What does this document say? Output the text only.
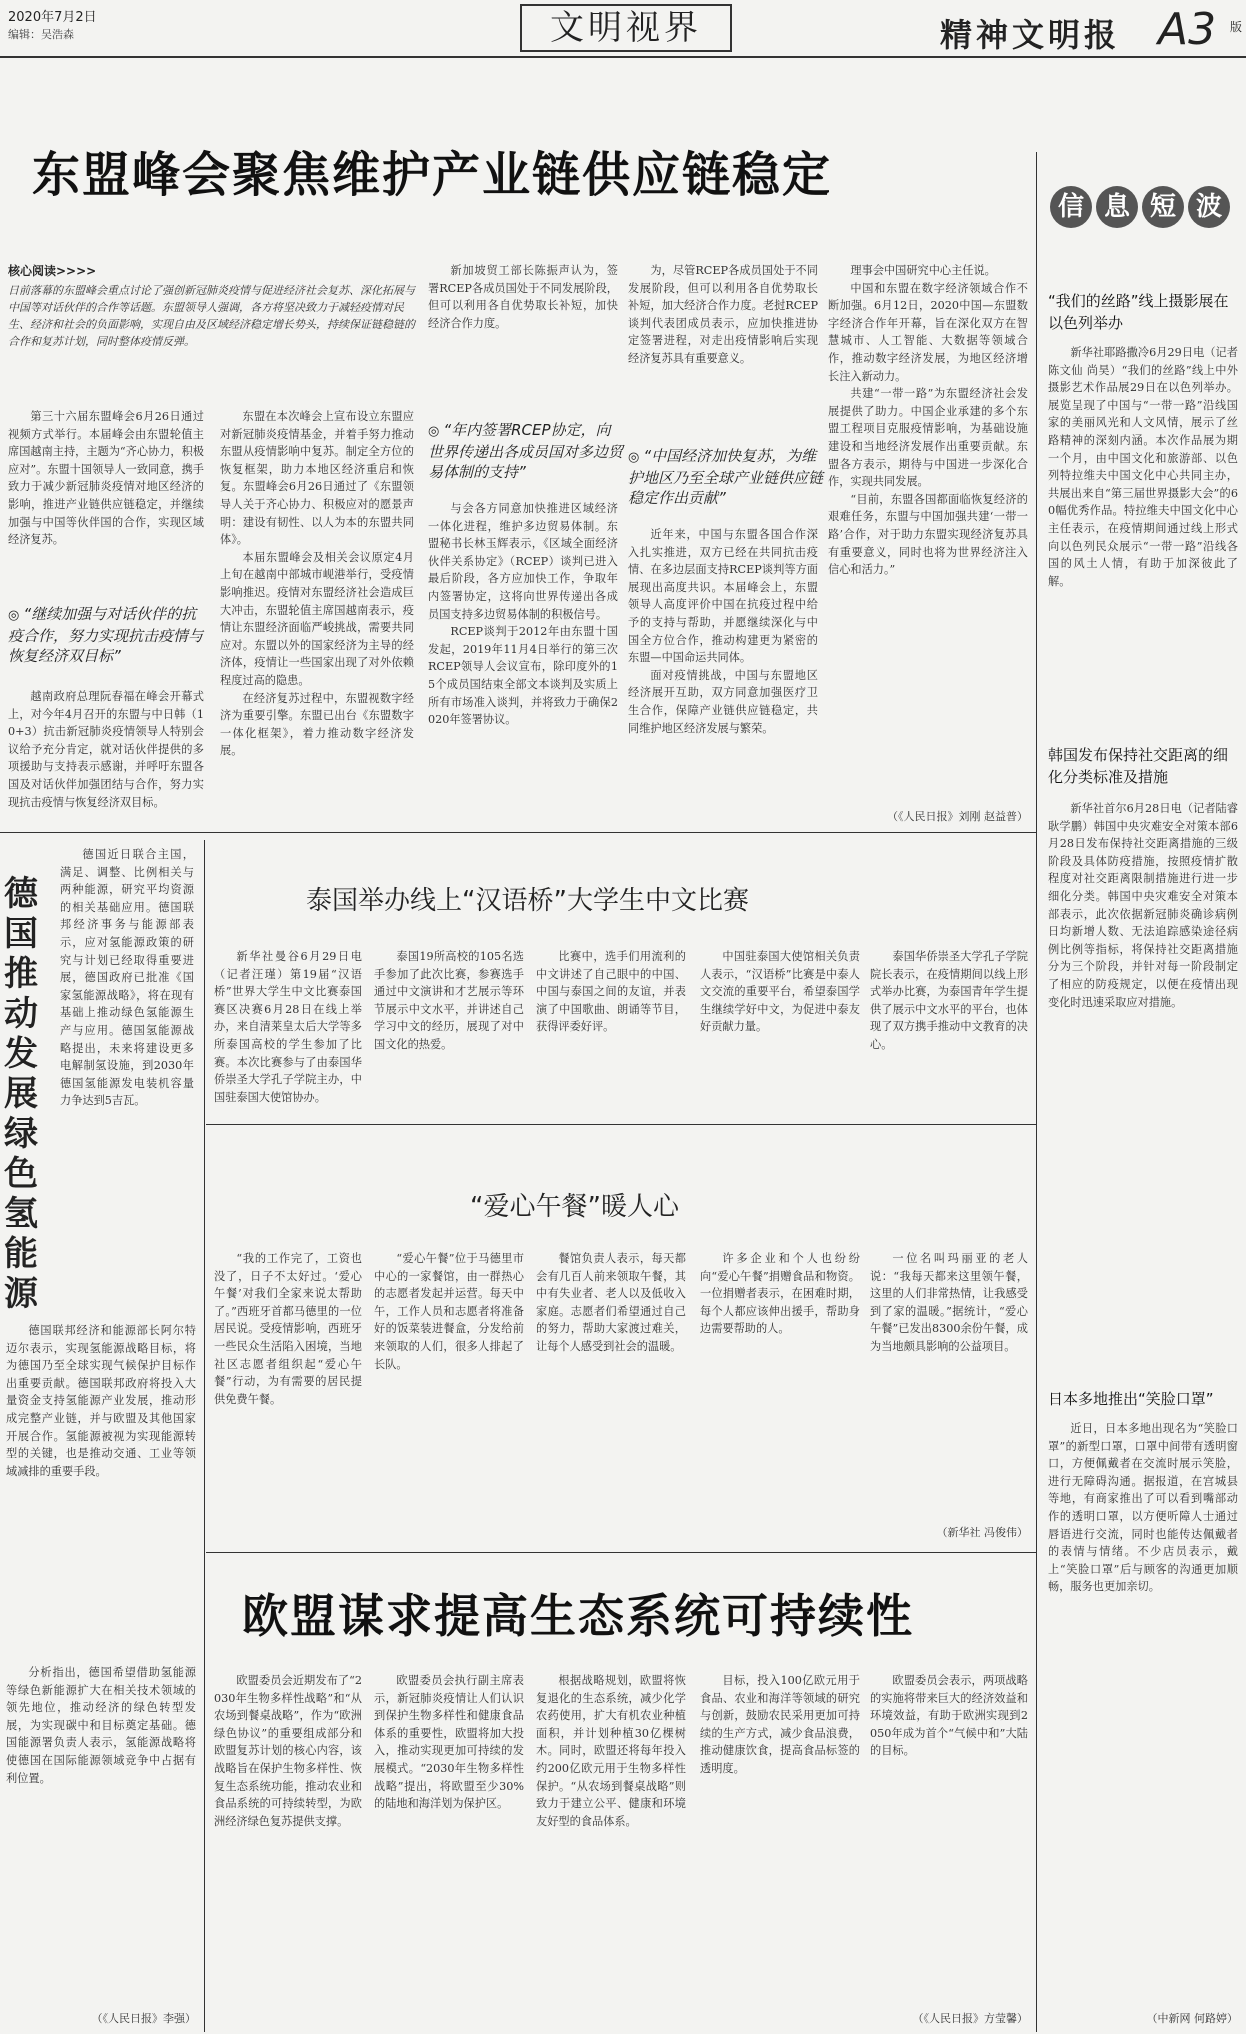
2020年7月2日
编辑：吴浩森	文明视界	精神文明报 A3 版
东盟峰会聚焦维护产业链供应链稳定
核心阅读>>>>
日前落幕的东盟峰会重点讨论了强创新冠肺炎疫情与促进经济社会复苏、深化拓展与中国等对话伙伴的合作等话题。东盟领导人强调，各方将坚决致力于减轻疫情对民生、经济和社会的负面影响，实现自由及区域经济稳定增长势头，持续保证链稳链的合作和复苏计划，同时整体疫情反弹。

第三十六届东盟峰会6月26日通过视频方式举行。本届峰会由东盟轮值主席国越南主持，主题为“齐心协力，积极应对”。东盟十国领导人一致同意，携手致力于减少新冠肺炎疫情对地区经济的影响，推进产业链供应链稳定，并继续加强与中国等伙伴国的合作，实现区域经济复苏。

◎ “继续加强与对话伙伴的抗疫合作，努力实现抗击疫情与恢复经济双目标”

越南政府总理阮春福在峰会开幕式上，对今年4月召开的东盟与中日韩（10+3）抗击新冠肺炎疫情领导人特别会议给予充分肯定，就对话伙伴提供的多项援助与支持表示感谢，并呼吁东盟各国及对话伙伴加强团结与合作，努力实现抗击疫情与恢复经济双目标。

东盟在本次峰会上宣布设立东盟应对新冠肺炎疫情基金，并着手努力推动东盟从疫情影响中复苏。制定全方位的恢复框架，助力本地区经济重启和恢复。东盟峰会6月26日通过了《东盟领导人关于齐心协力、积极应对的愿景声明：建设有韧性、以人为本的东盟共同体》。

本届东盟峰会及相关会议原定4月上旬在越南中部城市岘港举行，受疫情影响推迟。疫情对东盟经济社会造成巨大冲击，东盟轮值主席国越南表示，疫情让东盟经济面临严峻挑战，需要共同应对。东盟以外的国家经济为主导的经济体，疫情让一些国家出现了对外依赖程度过高的隐患。

在经济复苏过程中，东盟视数字经济为重要引擎。东盟已出台《东盟数字一体化框架》，着力推动数字经济发展。

新加坡贸工部长陈振声认为，签署RCEP各成员国处于不同发展阶段，但可以利用各自优势取长补短，加快经济合作力度。

◎ “年内签署RCEP协定，向世界传递出各成员国对多边贸易体制的支持”

与会各方同意加快推进区域经济一体化进程，维护多边贸易体制。东盟秘书长林玉辉表示，《区域全面经济伙伴关系协定》（RCEP）谈判已进入最后阶段，各方应加快工作，争取年内签署协定，这将向世界传递出各成员国支持多边贸易体制的积极信号。

RCEP谈判于2012年由东盟十国发起，2019年11月4日举行的第三次RCEP领导人会议宣布，除印度外的15个成员国结束全部文本谈判及实质上所有市场准入谈判，并将致力于确保2020年签署协议。

为，尽管RCEP各成员国处于不同发展阶段，但可以利用各自优势取长补短，加大经济合作力度。老挝RCEP谈判代表团成员表示，应加快推进协定签署进程，对走出疫情影响后实现经济复苏具有重要意义。

◎ “中国经济加快复苏，为维护地区乃至全球产业链供应链稳定作出贡献”

近年来，中国与东盟各国合作深入扎实推进，双方已经在共同抗击疫情、在多边层面支持RCEP谈判等方面展现出高度共识。本届峰会上，东盟领导人高度评价中国在抗疫过程中给予的支持与帮助，并愿继续深化与中国全方位合作，推动构建更为紧密的东盟—中国命运共同体。

面对疫情挑战，中国与东盟地区经济展开互助，双方同意加强医疗卫生合作，保障产业链供应链稳定，共同维护地区经济发展与繁荣。

理事会中国研究中心主任说。

中国和东盟在数字经济领域合作不断加强。6月12日，2020中国—东盟数字经济合作年开幕，旨在深化双方在智慧城市、人工智能、大数据等领域合作，推动数字经济发展，为地区经济增长注入新动力。

共建“一带一路”为东盟经济社会发展提供了助力。中国企业承建的多个东盟工程项目克服疫情影响，为基础设施建设和当地经济发展作出重要贡献。东盟各方表示，期待与中国进一步深化合作，实现共同发展。

“目前，东盟各国都面临恢复经济的艰难任务，东盟与中国加强共建‘一带一路’合作，对于助力东盟实现经济复苏具有重要意义，同时也将为世界经济注入信心和活力。”

（《人民日报》刘刚 赵益普）
信 息 短 波
“我们的丝路”线上摄影展在以色列举办

新华社耶路撒冷6月29日电（记者陈文仙 尚昊）“我们的丝路”线上中外摄影艺术作品展29日在以色列举办。展览呈现了中国与“一带一路”沿线国家的美丽风光和人文风情，展示了丝路精神的深刻内涵。本次作品展为期一个月，由中国文化和旅游部、以色列特拉维夫中国文化中心共同主办，共展出来自“第三届世界摄影大会”的60幅优秀作品。特拉维夫中国文化中心主任表示，在疫情期间通过线上形式向以色列民众展示“一带一路”沿线各国的风土人情，有助于加深彼此了解。

韩国发布保持社交距离的细化分类标准及措施

新华社首尔6月28日电（记者陆睿 耿学鹏）韩国中央灾难安全对策本部6月28日发布保持社交距离措施的三级阶段及具体防疫措施，按照疫情扩散程度对社交距离限制措施进行进一步细化分类。韩国中央灾难安全对策本部表示，此次依据新冠肺炎确诊病例日均新增人数、无法追踪感染途径病例比例等指标，将保持社交距离措施分为三个阶段，并针对每一阶段制定了相应的防疫规定，以便在疫情出现变化时迅速采取应对措施。

日本多地推出“笑脸口罩”

近日，日本多地出现名为“笑脸口罩”的新型口罩，口罩中间带有透明窗口，方便佩戴者在交流时展示笑脸，进行无障碍沟通。据报道，在宫城县等地，有商家推出了可以看到嘴部动作的透明口罩，以方便听障人士通过唇语进行交流，同时也能传达佩戴者的表情与情绪。不少店员表示，戴上“笑脸口罩”后与顾客的沟通更加顺畅，服务也更加亲切。

（中新网 何路婷）
德国推动发展绿色氢能源

德国近日联合主国，满足、调整、比例相关与两种能源，研究平均资源的相关基础应用。德国联邦经济事务与能源部表示，应对氢能源政策的研究与计划已经取得重要进展，德国政府已批准《国家氢能源战略》，将在现有基础上推动绿色氢能源生产与应用。德国氢能源战略提出，未来将建设更多电解制氢设施，到2030年德国氢能源发电装机容量力争达到5吉瓦。

德国联邦经济和能源部长阿尔特迈尔表示，实现氢能源战略目标，将为德国乃至全球实现气候保护目标作出重要贡献。德国联邦政府将投入大量资金支持氢能源产业发展，推动形成完整产业链，并与欧盟及其他国家开展合作。氢能源被视为实现能源转型的关键，也是推动交通、工业等领域减排的重要手段。

分析指出，德国希望借助氢能源等绿色新能源扩大在相关技术领域的领先地位，推动经济的绿色转型发展，为实现碳中和目标奠定基础。德国能源署负责人表示，氢能源战略将使德国在国际能源领域竞争中占据有利位置。

（《人民日报》李强）
泰国举办线上“汉语桥”大学生中文比赛

新华社曼谷6月29日电（记者汪瑾）第19届“汉语桥”世界大学生中文比赛泰国赛区决赛6月28日在线上举办，来自清莱皇太后大学等多所泰国高校的学生参加了比赛。本次比赛参与了由泰国华侨崇圣大学孔子学院主办，中国驻泰国大使馆协办。

泰国19所高校的105名选手参加了此次比赛，参赛选手通过中文演讲和才艺展示等环节展示中文水平，并讲述自己学习中文的经历，展现了对中国文化的热爱。

比赛中，选手们用流利的中文讲述了自己眼中的中国、中国与泰国之间的友谊，并表演了中国歌曲、朗诵等节目，获得评委好评。

中国驻泰国大使馆相关负责人表示，“汉语桥”比赛是中泰人文交流的重要平台，希望泰国学生继续学好中文，为促进中泰友好贡献力量。

泰国华侨崇圣大学孔子学院院长表示，在疫情期间以线上形式举办比赛，为泰国青年学生提供了展示中文水平的平台，也体现了双方携手推动中文教育的决心。

“爱心午餐”暖人心

“我的工作完了，工资也没了，日子不太好过。‘爱心午餐’对我们全家来说太帮助了。”西班牙首都马德里的一位居民说。受疫情影响，西班牙一些民众生活陷入困境，当地社区志愿者组织起“爱心午餐”行动，为有需要的居民提供免费午餐。

“爱心午餐”位于马德里市中心的一家餐馆，由一群热心的志愿者发起并运营。每天中午，工作人员和志愿者将准备好的饭菜装进餐盒，分发给前来领取的人们，很多人排起了长队。

餐馆负责人表示，每天都会有几百人前来领取午餐，其中有失业者、老人以及低收入家庭。志愿者们希望通过自己的努力，帮助大家渡过难关，让每个人感受到社会的温暖。

许多企业和个人也纷纷向“爱心午餐”捐赠食品和物资。一位捐赠者表示，在困难时期，每个人都应该伸出援手，帮助身边需要帮助的人。

一位名叫玛丽亚的老人说：“我每天都来这里领午餐，这里的人们非常热情，让我感受到了家的温暖。”据统计，“爱心午餐”已发出8300余份午餐，成为当地颇具影响的公益项目。

（新华社 冯俊伟）
欧盟谋求提高生态系统可持续性

欧盟委员会近期发布了“2030年生物多样性战略”和“从农场到餐桌战略”，作为“欧洲绿色协议”的重要组成部分和欧盟复苏计划的核心内容，该战略旨在保护生物多样性、恢复生态系统功能，推动农业和食品系统的可持续转型，为欧洲经济绿色复苏提供支撑。

欧盟委员会执行副主席表示，新冠肺炎疫情让人们认识到保护生物多样性和健康食品体系的重要性，欧盟将加大投入，推动实现更加可持续的发展模式。“2030年生物多样性战略”提出，将欧盟至少30%的陆地和海洋划为保护区。

根据战略规划，欧盟将恢复退化的生态系统，减少化学农药使用，扩大有机农业种植面积，并计划种植30亿棵树木。同时，欧盟还将每年投入约200亿欧元用于生物多样性保护。“从农场到餐桌战略”则致力于建立公平、健康和环境友好型的食品体系。

目标，投入100亿欧元用于食品、农业和海洋等领域的研究与创新，鼓励农民采用更加可持续的生产方式，减少食品浪费，推动健康饮食，提高食品标签的透明度。

欧盟委员会表示，两项战略的实施将带来巨大的经济效益和环境效益，有助于欧洲实现到2050年成为首个“气候中和”大陆的目标。

（《人民日报》方莹馨）
